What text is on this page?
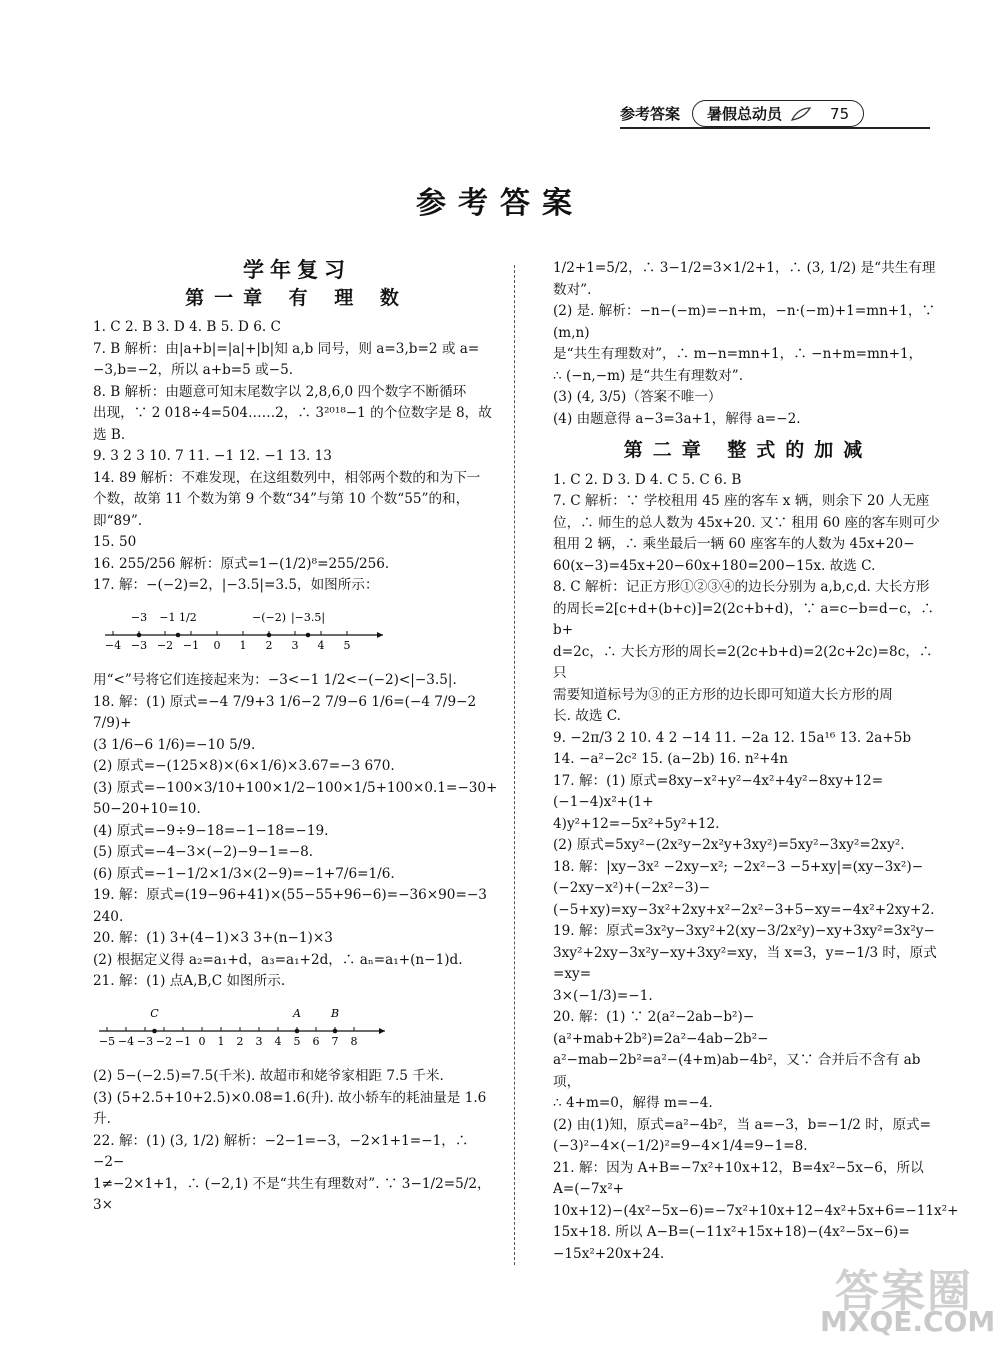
参考答案 暑假总动员	75
参考答案
学年复习
第一章 有 理 数
1. C 2. B 3. D 4. B 5. D 6. C
7. B 解析：由|a+b|=|a|+|b|知 a,b 同号，则 a=3,b=2 或 a=
−3,b=−2，所以 a+b=5 或−5.
8. B 解析：由题意可知末尾数字以 2,8,6,0 四个数字不断循环
出现，∵ 2 018÷4=504……2，∴ 3²⁰¹⁸−1 的个位数字是 8，故
选 B.
9. 3 2 3 10. 7 11. −1 12. −1 13. 13
14. 89 解析：不难发现，在这组数列中，相邻两个数的和为下一
个数，故第 11 个数为第 9 个数“34”与第 10 个数“55”的和，
即“89”.
15. 50
16. 255/256 解析：原式=1−(1/2)⁸=255/256.
17. 解：−(−2)=2，|−3.5|=3.5，如图所示：
−4 −3 −2 −1 0 1 2 3 4 5
−3 −1 1/2	−(−2) |−3.5|
用“<”号将它们连接起来为：−3<−1 1/2<−(−2)<|−3.5|.
18. 解：(1) 原式=−4 7/9+3 1/6−2 7/9−6 1/6=(−4 7/9−2 7/9)+
(3 1/6−6 1/6)=−10 5/9.
(2) 原式=−(125×8)×(6×1/6)×3.67=−3 670.
(3) 原式=−100×3/10+100×1/2−100×1/5+100×0.1=−30+
50−20+10=10.
(4) 原式=−9÷9−18=−1−18=−19.
(5) 原式=−4−3×(−2)−9−1=−8.
(6) 原式=−1−1/2×1/3×(2−9)=−1+7/6=1/6.
19. 解：原式=(19−96+41)×(55−55+96−6)=−36×90=−3 240.
20. 解：(1) 3+(4−1)×3 3+(n−1)×3
(2) 根据定义得 a₂=a₁+d，a₃=a₁+2d，∴ aₙ=a₁+(n−1)d.
21. 解：(1) 点A,B,C 如图所示.
−5 −4 −3 −2 −1 0 1 2 3 4 5 6 7 8
C	A	B
(2) 5−(−2.5)=7.5(千米). 故超市和姥爷家相距 7.5 千米.
(3) (5+2.5+10+2.5)×0.08=1.6(升). 故小轿车的耗油量是 1.6 升.
22. 解：(1) (3, 1/2) 解析：−2−1=−3，−2×1+1=−1，∴ −2−
1≠−2×1+1，∴ (−2,1) 不是“共生有理数对”. ∵ 3−1/2=5/2，3×
1/2+1=5/2，∴ 3−1/2=3×1/2+1，∴ (3, 1/2) 是“共生有理数对”.
(2) 是. 解析：−n−(−m)=−n+m，−n·(−m)+1=mn+1，∵ (m,n)
是“共生有理数对”，∴ m−n=mn+1，∴ −n+m=mn+1，
∴ (−n,−m) 是“共生有理数对”.
(3) (4, 3/5)（答案不唯一）
(4) 由题意得 a−3=3a+1，解得 a=−2.
第二章 整式的加减
1. C 2. D 3. D 4. C 5. C 6. B
7. C 解析：∵ 学校租用 45 座的客车 x 辆，则余下 20 人无座
位，∴ 师生的总人数为 45x+20. 又∵ 租用 60 座的客车则可少
租用 2 辆，∴ 乘坐最后一辆 60 座客车的人数为 45x+20−
60(x−3)=45x+20−60x+180=200−15x. 故选 C.
8. C 解析：记正方形①②③④的边长分别为 a,b,c,d. 大长方形
的周长=2[c+d+(b+c)]=2(2c+b+d)，∵ a=c−b=d−c，∴ b+
d=2c，∴ 大长方形的周长=2(2c+b+d)=2(2c+2c)=8c，∴ 只
需要知道标号为③的正方形的边长即可知道大长方形的周
长. 故选 C.
9. −2π/3 2 10. 4 2 −14 11. −2a 12. 15a¹⁶ 13. 2a+5b
14. −a²−2c² 15. (a−2b) 16. n²+4n
17. 解：(1) 原式=8xy−x²+y²−4x²+4y²−8xy+12=(−1−4)x²+(1+
4)y²+12=−5x²+5y²+12.
(2) 原式=5xy²−(2x²y−2x²y+3xy²)=5xy²−3xy²=2xy².
18. 解：|xy−3x² −2xy−x²; −2x²−3 −5+xy|=(xy−3x²)−(−2xy−x²)+(−2x²−3)−
(−5+xy)=xy−3x²+2xy+x²−2x²−3+5−xy=−4x²+2xy+2.
19. 解：原式=3x²y−3xy²+2(xy−3/2x²y)−xy+3xy²=3x²y−
3xy²+2xy−3x²y−xy+3xy²=xy，当 x=3，y=−1/3 时，原式=xy=
3×(−1/3)=−1.
20. 解：(1) ∵ 2(a²−2ab−b²)−(a²+mab+2b²)=2a²−4ab−2b²−
a²−mab−2b²=a²−(4+m)ab−4b²，又∵ 合并后不含有 ab 项，
∴ 4+m=0，解得 m=−4.
(2) 由(1)知，原式=a²−4b²，当 a=−3，b=−1/2 时，原式=
(−3)²−4×(−1/2)²=9−4×1/4=9−1=8.
21. 解：因为 A+B=−7x²+10x+12，B=4x²−5x−6，所以 A=(−7x²+
10x+12)−(4x²−5x−6)=−7x²+10x+12−4x²+5x+6=−11x²+
15x+18. 所以 A−B=(−11x²+15x+18)−(4x²−5x−6)=
−15x²+20x+24.
答案圈
MXQE.COM
